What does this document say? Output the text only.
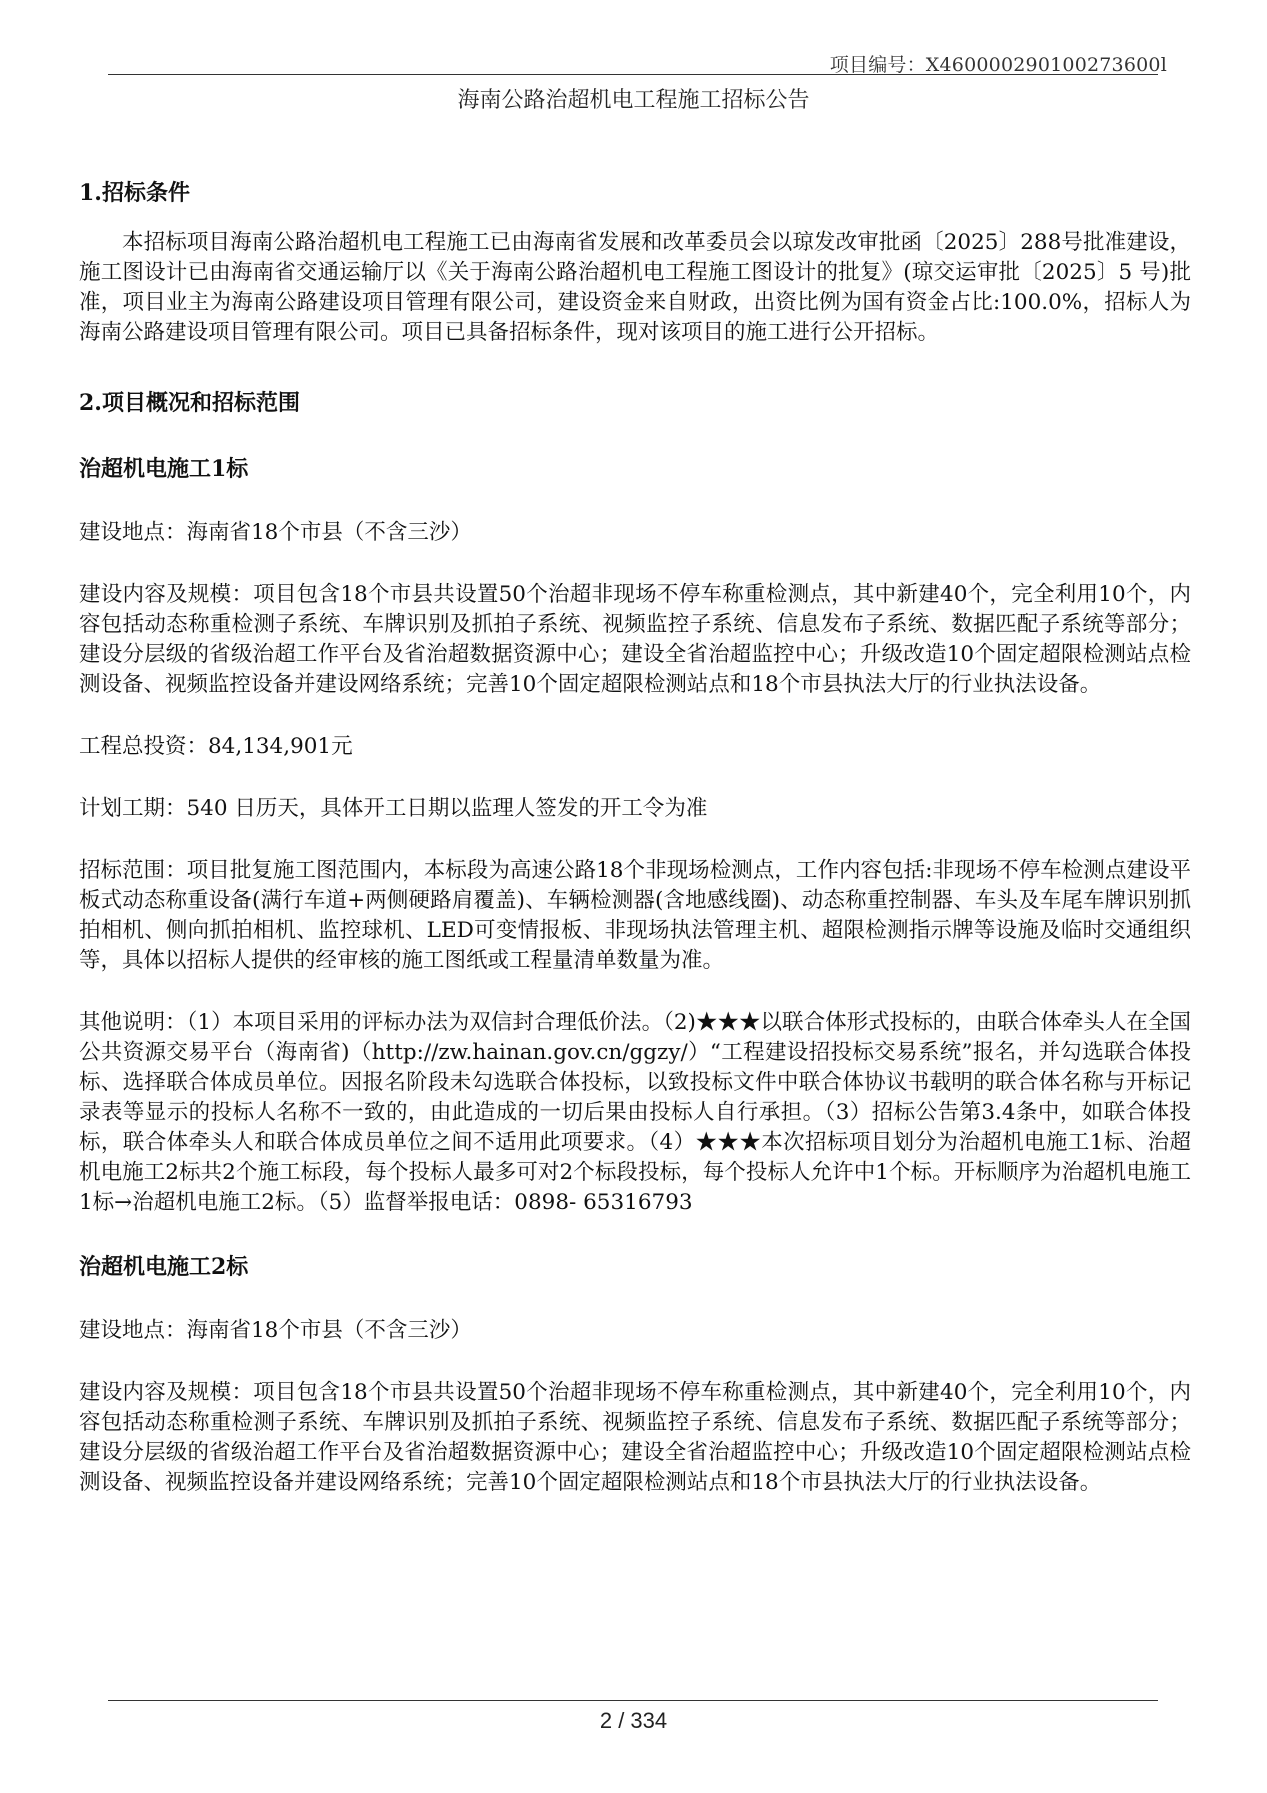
项目编号：X460000290100273600l
海南公路治超机电工程施工招标公告

1.招标条件

本招标项目海南公路治超机电工程施工已由海南省发展和改革委员会以琼发改审批函〔2025〕288号批准建设，施工图设计已由海南省交通运输厅以《关于海南公路治超机电工程施工图设计的批复》(琼交运审批〔2025〕5 号)批准，项目业主为海南公路建设项目管理有限公司，建设资金来自财政，出资比例为国有资金占比:100.0%，招标人为海南公路建设项目管理有限公司。项目已具备招标条件，现对该项目的施工进行公开招标。

2.项目概况和招标范围

治超机电施工1标

建设地点：海南省18个市县（不含三沙）

建设内容及规模：项目包含18个市县共设置50个治超非现场不停车称重检测点，其中新建40个，完全利用10个，内容包括动态称重检测子系统、车牌识别及抓拍子系统、视频监控子系统、信息发布子系统、数据匹配子系统等部分；建设分层级的省级治超工作平台及省治超数据资源中心；建设全省治超监控中心；升级改造10个固定超限检测站点检测设备、视频监控设备并建设网络系统；完善10个固定超限检测站点和18个市县执法大厅的行业执法设备。

工程总投资：84,134,901元

计划工期：540 日历天，具体开工日期以监理人签发的开工令为准

招标范围：项目批复施工图范围内，本标段为高速公路18个非现场检测点，工作内容包括:非现场不停车检测点建设平板式动态称重设备(满行车道+两侧硬路肩覆盖)、车辆检测器(含地感线圈)、动态称重控制器、车头及车尾车牌识别抓拍相机、侧向抓拍相机、监控球机、LED可变情报板、非现场执法管理主机、超限检测指示牌等设施及临时交通组织等，具体以招标人提供的经审核的施工图纸或工程量清单数量为准。

其他说明：（1）本项目采用的评标办法为双信封合理低价法。（2)★★★以联合体形式投标的，由联合体牵头人在全国公共资源交易平台（海南省)（http://zw.hainan.gov.cn/ggzy/）“工程建设招投标交易系统”报名，并勾选联合体投标、选择联合体成员单位。因报名阶段未勾选联合体投标，以致投标文件中联合体协议书载明的联合体名称与开标记录表等显示的投标人名称不一致的，由此造成的一切后果由投标人自行承担。（3）招标公告第3.4条中，如联合体投标，联合体牵头人和联合体成员单位之间不适用此项要求。（4）★★★本次招标项目划分为治超机电施工1标、治超机电施工2标共2个施工标段，每个投标人最多可对2个标段投标，每个投标人允许中1个标。开标顺序为治超机电施工1标→治超机电施工2标。（5）监督举报电话：0898- 65316793

治超机电施工2标

建设地点：海南省18个市县（不含三沙）

建设内容及规模：项目包含18个市县共设置50个治超非现场不停车称重检测点，其中新建40个，完全利用10个，内容包括动态称重检测子系统、车牌识别及抓拍子系统、视频监控子系统、信息发布子系统、数据匹配子系统等部分；建设分层级的省级治超工作平台及省治超数据资源中心；建设全省治超监控中心；升级改造10个固定超限检测站点检测设备、视频监控设备并建设网络系统；完善10个固定超限检测站点和18个市县执法大厅的行业执法设备。

2 / 334
